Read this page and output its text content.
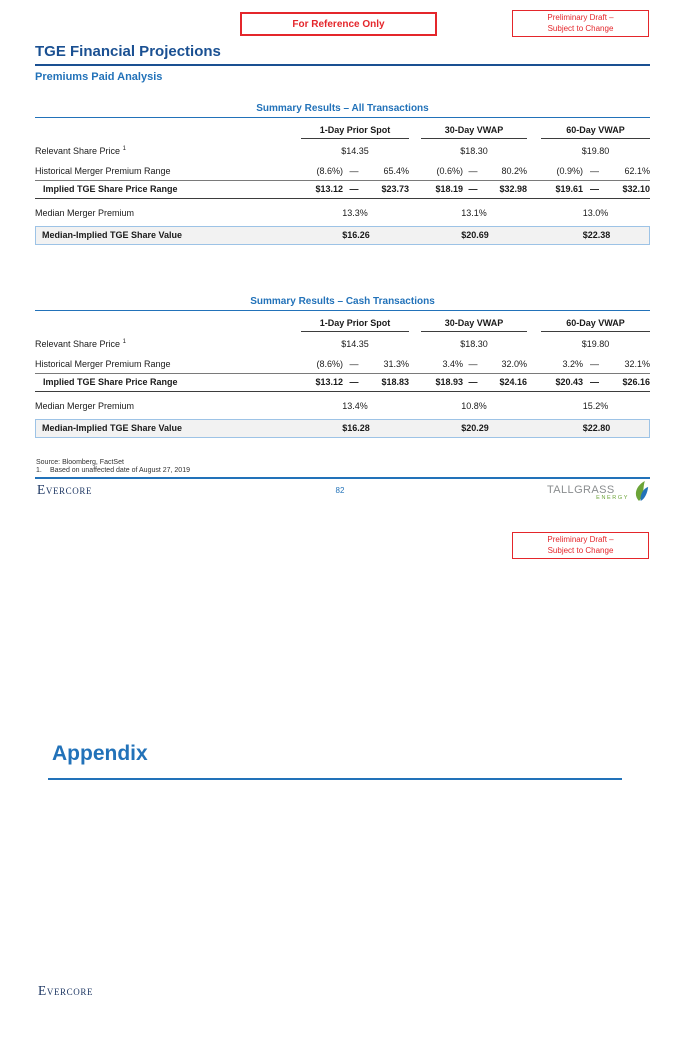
For Reference Only
Preliminary Draft –
Subject to Change
TGE Financial Projections
Premiums Paid Analysis
Summary Results – All Transactions
1-Day Prior Spot	30-Day VWAP	60-Day VWAP
Relevant Share Price $^1$	$14.35	$18.30	$19.80
Historical Merger Premium Range	(8.6%) —	65.4%	(0.6%) —	80.2%	(0.9%) —	62.1%
Implied TGE Share Price Range	$13.12 —	$23.73	$18.19 —	$32.98	$19.61 —	$32.10
Median Merger Premium	13.3%	13.1%	13.0%
Median-Implied TGE Share Value	$16.26	$20.69	$22.38
Summary Results – Cash Transactions
1-Day Prior Spot	30-Day VWAP	60-Day VWAP
Relevant Share Price $^1$	$14.35	$18.30	$19.80
Historical Merger Premium Range	(8.6%) —	31.3%	3.4% —	32.0%	3.2% —	32.1%
Implied TGE Share Price Range	$13.12 —	$18.83	$18.93 —	$24.16	$20.43 —	$26.16
Median Merger Premium	13.4%	10.8%	15.2%
Median-Implied TGE Share Value	$16.28	$20.29	$22.80
Source: Bloomberg, FactSet
1.	Based on unaffected date of August 27, 2019
Evercore	82	TALLGRASS
ENERGY
Preliminary Draft –
Subject to Change
Appendix
Evercore
